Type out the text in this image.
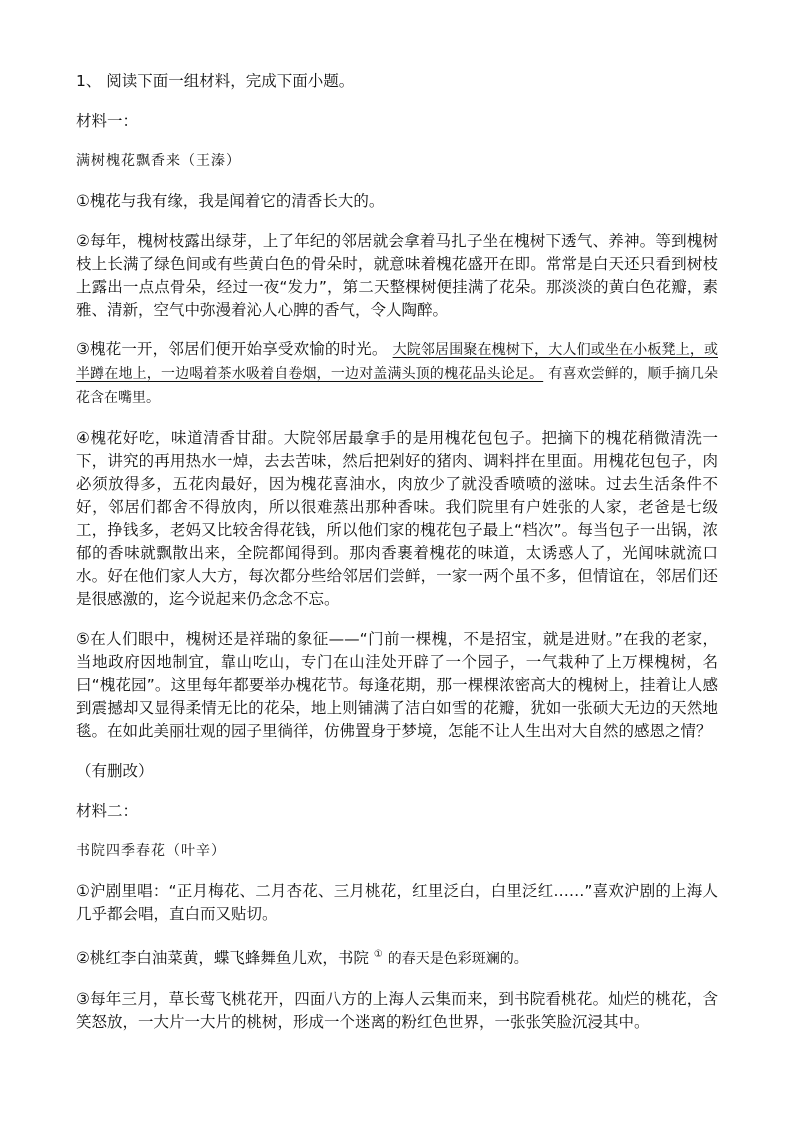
1、 阅读下面一组材料，完成下面小题。

材料一：

满树槐花飘香来（王溱）

①槐花与我有缘，我是闻着它的清香长大的。

②每年，槐树枝露出绿芽，上了年纪的邻居就会拿着马扎子坐在槐树下透气、养神。等到槐树枝上长满了绿色间或有些黄白色的骨朵时，就意味着槐花盛开在即。常常是白天还只看到树枝上露出一点点骨朵，经过一夜“发力”，第二天整棵树便挂满了花朵。那淡淡的黄白色花瓣，素雅、清新，空气中弥漫着沁人心脾的香气，令人陶醉。

③槐花一开，邻居们便开始享受欢愉的时光。 大院邻居围聚在槐树下，大人们或坐在小板凳上，或半蹲在地上，一边喝着茶水吸着自卷烟，一边对盖满头顶的槐花品头论足。 有喜欢尝鲜的，顺手摘几朵花含在嘴里。

④槐花好吃，味道清香甘甜。大院邻居最拿手的是用槐花包包子。把摘下的槐花稍微清洗一下，讲究的再用热水一焯，去去苦味，然后把剁好的猪肉、调料拌在里面。用槐花包包子，肉必须放得多，五花肉最好，因为槐花喜油水，肉放少了就没香喷喷的滋味。过去生活条件不好，邻居们都舍不得放肉，所以很难蒸出那种香味。我们院里有户姓张的人家，老爸是七级工，挣钱多，老妈又比较舍得花钱，所以他们家的槐花包子最上“档次”。每当包子一出锅，浓郁的香味就飘散出来，全院都闻得到。那肉香裹着槐花的味道，太诱惑人了，光闻味就流口水。好在他们家人大方，每次都分些给邻居们尝鲜，一家一两个虽不多，但情谊在，邻居们还是很感激的，迄今说起来仍念念不忘。

⑤在人们眼中，槐树还是祥瑞的象征——“门前一棵槐，不是招宝，就是进财。”在我的老家，当地政府因地制宜，靠山吃山，专门在山洼处开辟了一个园子，一气栽种了上万棵槐树，名曰“槐花园”。这里每年都要举办槐花节。每逢花期，那一棵棵浓密高大的槐树上，挂着让人感到震撼却又显得柔情无比的花朵，地上则铺满了洁白如雪的花瓣，犹如一张硕大无边的天然地毯。在如此美丽壮观的园子里徜徉，仿佛置身于梦境，怎能不让人生出对大自然的感恩之情？

（有删改）

材料二：

书院四季春花（叶辛）

①沪剧里唱：“正月梅花、二月杏花、三月桃花，红里泛白，白里泛红……”喜欢沪剧的上海人几乎都会唱，直白而又贴切。

②桃红李白油菜黄，蝶飞蜂舞鱼儿欢，书院 ① 的春天是色彩斑斓的。

③每年三月，草长莺飞桃花开，四面八方的上海人云集而来，到书院看桃花。灿烂的桃花，含笑怒放，一大片一大片的桃树，形成一个迷离的粉红色世界，一张张笑脸沉浸其中。
